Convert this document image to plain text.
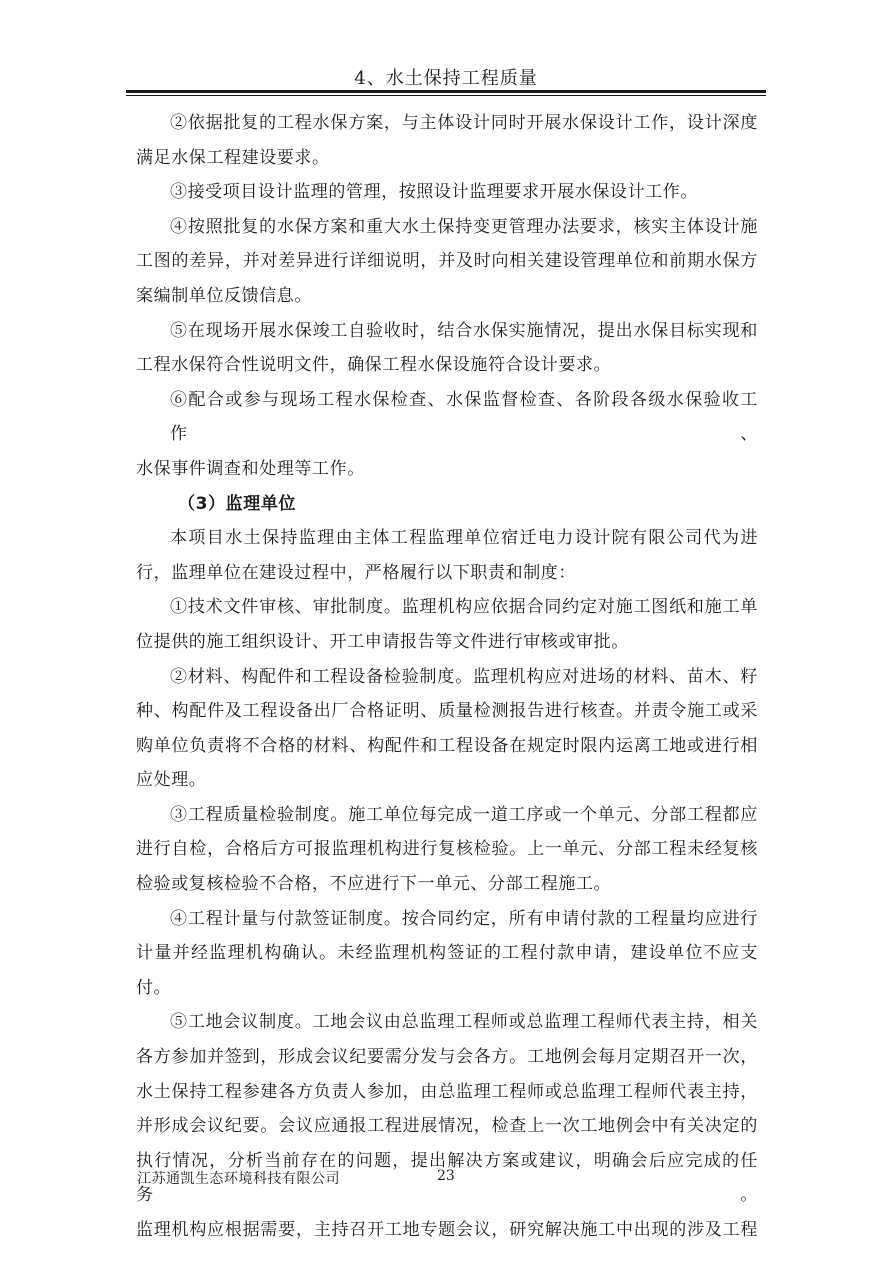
4、水土保持工程质量

②依据批复的工程水保方案，与主体设计同时开展水保设计工作，设计深度
满足水保工程建设要求。

③接受项目设计监理的管理，按照设计监理要求开展水保设计工作。

④按照批复的水保方案和重大水土保持变更管理办法要求，核实主体设计施
工图的差异，并对差异进行详细说明，并及时向相关建设管理单位和前期水保方
案编制单位反馈信息。

⑤在现场开展水保竣工自验收时，结合水保实施情况，提出水保目标实现和
工程水保符合性说明文件，确保工程水保设施符合设计要求。

⑥配合或参与现场工程水保检查、水保监督检查、各阶段各级水保验收工作、
水保事件调查和处理等工作。

（3）监理单位

本项目水土保持监理由主体工程监理单位宿迁电力设计院有限公司代为进
行，监理单位在建设过程中，严格履行以下职责和制度：

①技术文件审核、审批制度。监理机构应依据合同约定对施工图纸和施工单
位提供的施工组织设计、开工申请报告等文件进行审核或审批。

②材料、构配件和工程设备检验制度。监理机构应对进场的材料、苗木、籽
种、构配件及工程设备出厂合格证明、质量检测报告进行核查。并责令施工或采
购单位负责将不合格的材料、构配件和工程设备在规定时限内运离工地或进行相
应处理。

③工程质量检验制度。施工单位每完成一道工序或一个单元、分部工程都应
进行自检，合格后方可报监理机构进行复核检验。上一单元、分部工程未经复核
检验或复核检验不合格，不应进行下一单元、分部工程施工。

④工程计量与付款签证制度。按合同约定，所有申请付款的工程量均应进行
计量并经监理机构确认。未经监理机构签证的工程付款申请，建设单位不应支付。

⑤工地会议制度。工地会议由总监理工程师或总监理工程师代表主持，相关
各方参加并签到，形成会议纪要需分发与会各方。工地例会每月定期召开一次，
水土保持工程参建各方负责人参加，由总监理工程师或总监理工程师代表主持，
并形成会议纪要。会议应通报工程进展情况，检查上一次工地例会中有关决定的
执行情况，分析当前存在的问题，提出解决方案或建议，明确会后应完成的任务。
监理机构应根据需要，主持召开工地专题会议，研究解决施工中出现的涉及工程

江苏通凯生态环境科技有限公司	23
